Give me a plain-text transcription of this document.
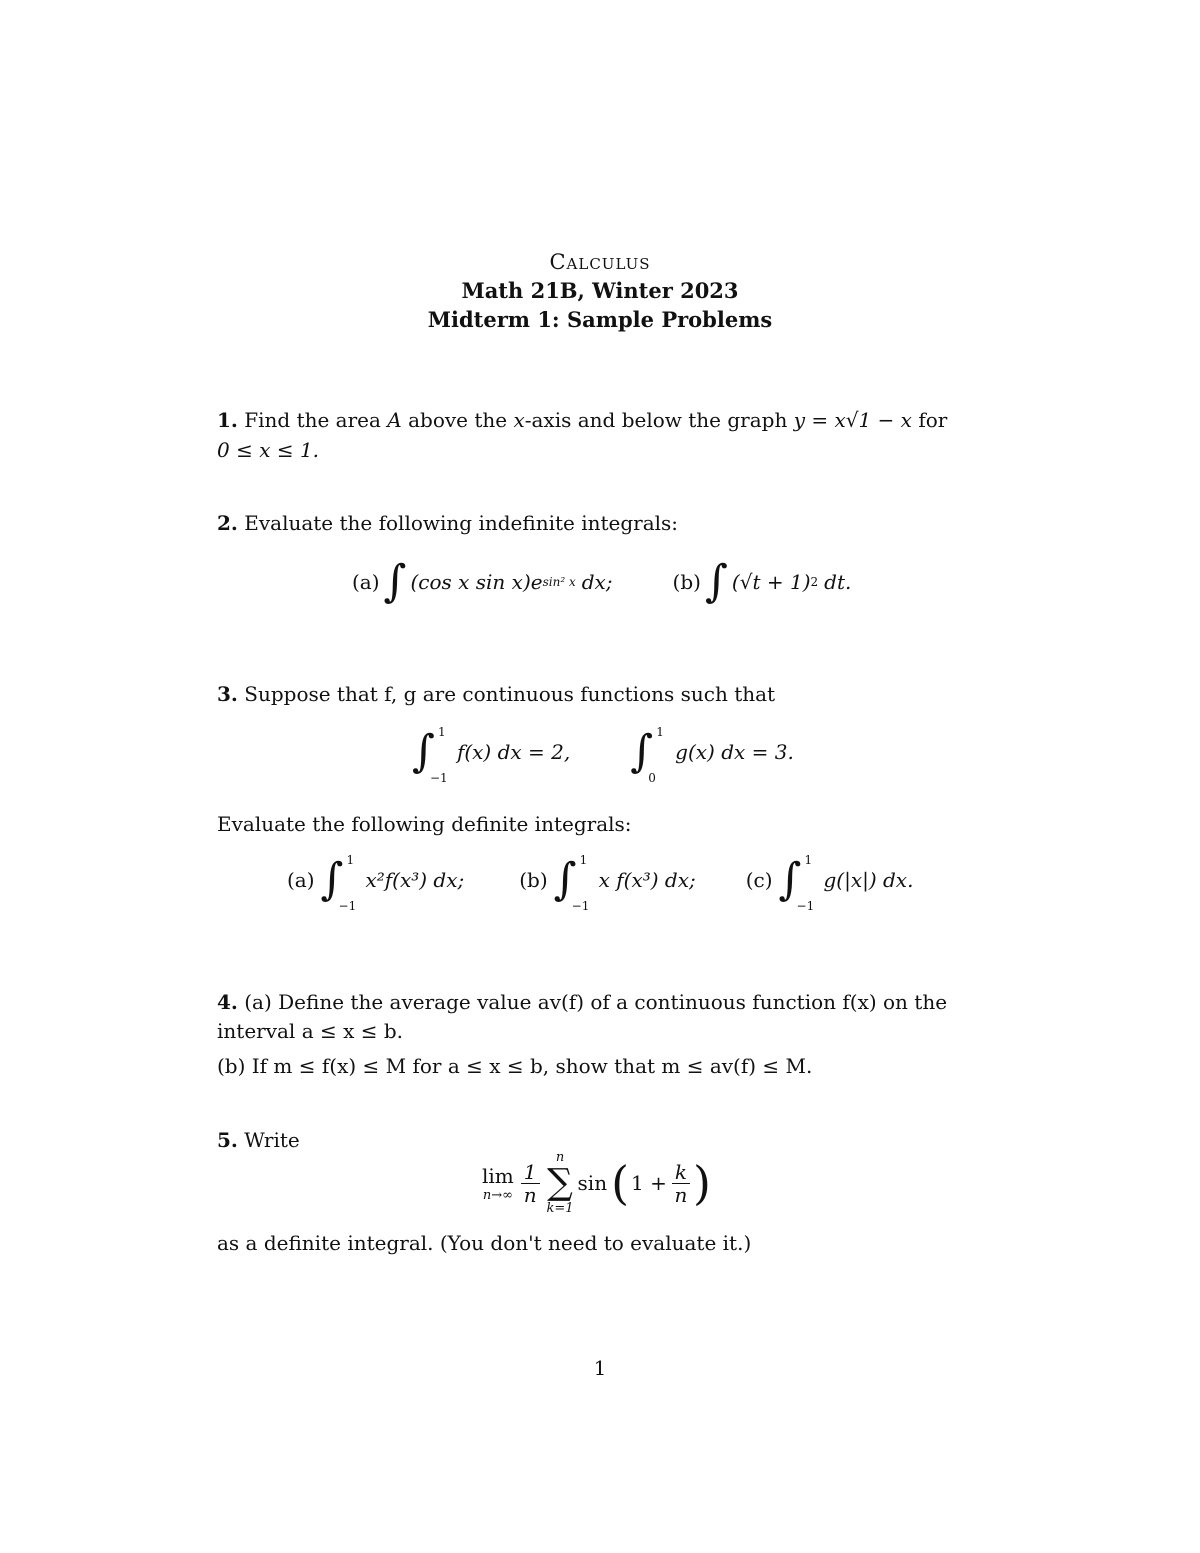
Calculus
Math 21B, Winter 2023
Midterm 1: Sample Problems
1. Find the area A above the x-axis and below the graph y = x√1 − x for
0 ≤ x ≤ 1.
2. Evaluate the following indefinite integrals:
(a) ∫ (cos x sin x)e sin² x dx;	(b) ∫ (√t + 1) 2 dt.
3. Suppose that f, g are continuous functions such that
∫ 1
−1
f(x) dx = 2, ∫ 1
0
g(x) dx = 3.
Evaluate the following definite integrals:
(a) ∫ 1
−1
x²f(x³) dx;	(b) ∫ 1
−1
x f(x³) dx;	(c) ∫ 1
−1
g(|x|) dx.
4. (a) Define the average value av(f) of a continuous function f(x) on the
interval a ≤ x ≤ b.
(b) If m ≤ f(x) ≤ M for a ≤ x ≤ b, show that m ≤ av(f) ≤ M.
5. Write
lim
$n\to\infty \frac{1}{n}$
n
∑
k=1
sin ( $1 + \frac{k}{n}$ )
as a definite integral. (You don't need to evaluate it.)
1
